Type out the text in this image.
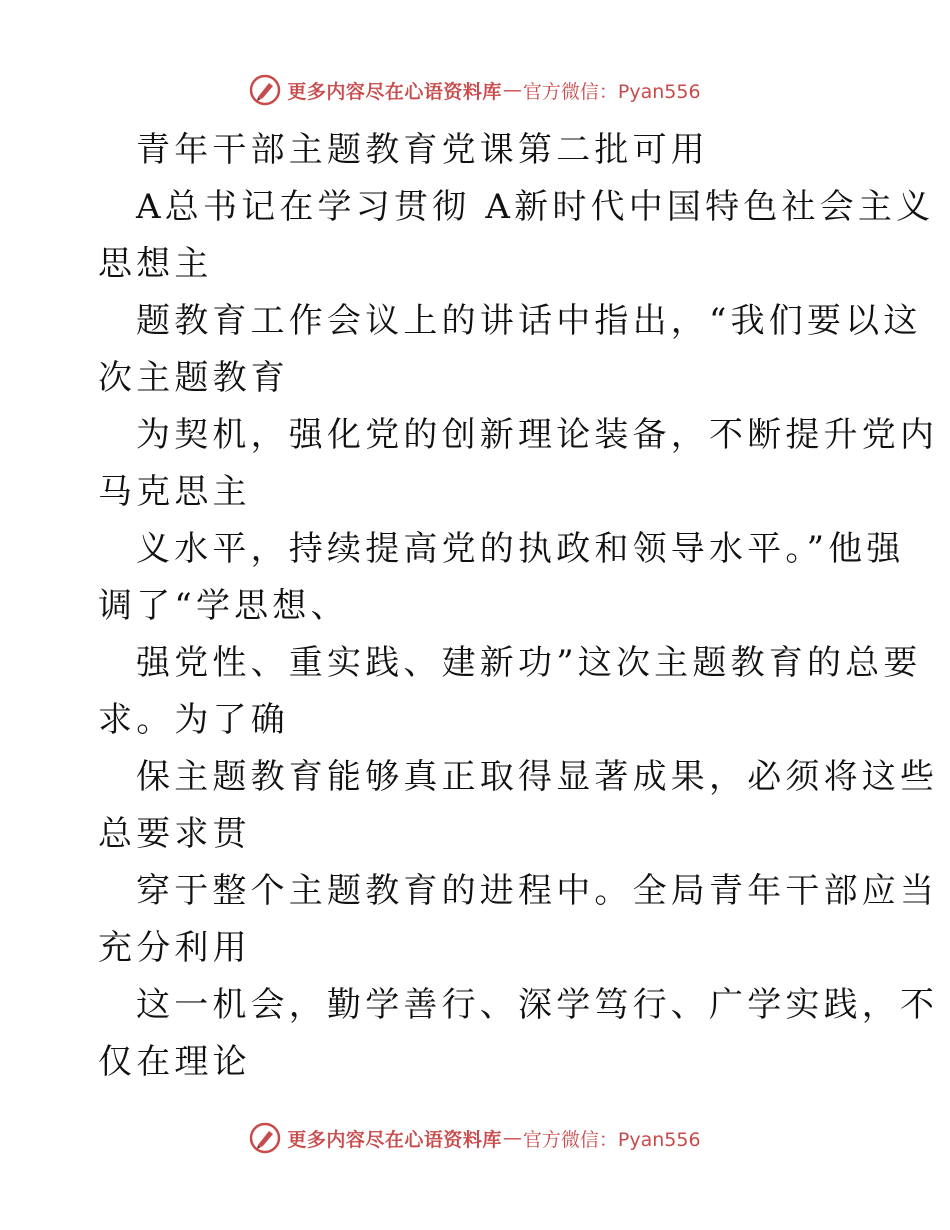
更多内容尽在心语资料库 — 官方微信：Pyan556
青年干部主题教育党课第二批可用
A总书记在学习贯彻 A新时代中国特色社会主义
思想主
题教育工作会议上的讲话中指出，“我们要以这
次主题教育
为契机，强化党的创新理论装备，不断提升党内
马克思主
义水平，持续提高党的执政和领导水平。”他强
调了“学思想、
强党性、重实践、建新功”这次主题教育的总要
求。为了确
保主题教育能够真正取得显著成果，必须将这些
总要求贯
穿于整个主题教育的进程中。全局青年干部应当
充分利用
这一机会，勤学善行、深学笃行、广学实践，不
仅在理论
更多内容尽在心语资料库 — 官方微信：Pyan556
